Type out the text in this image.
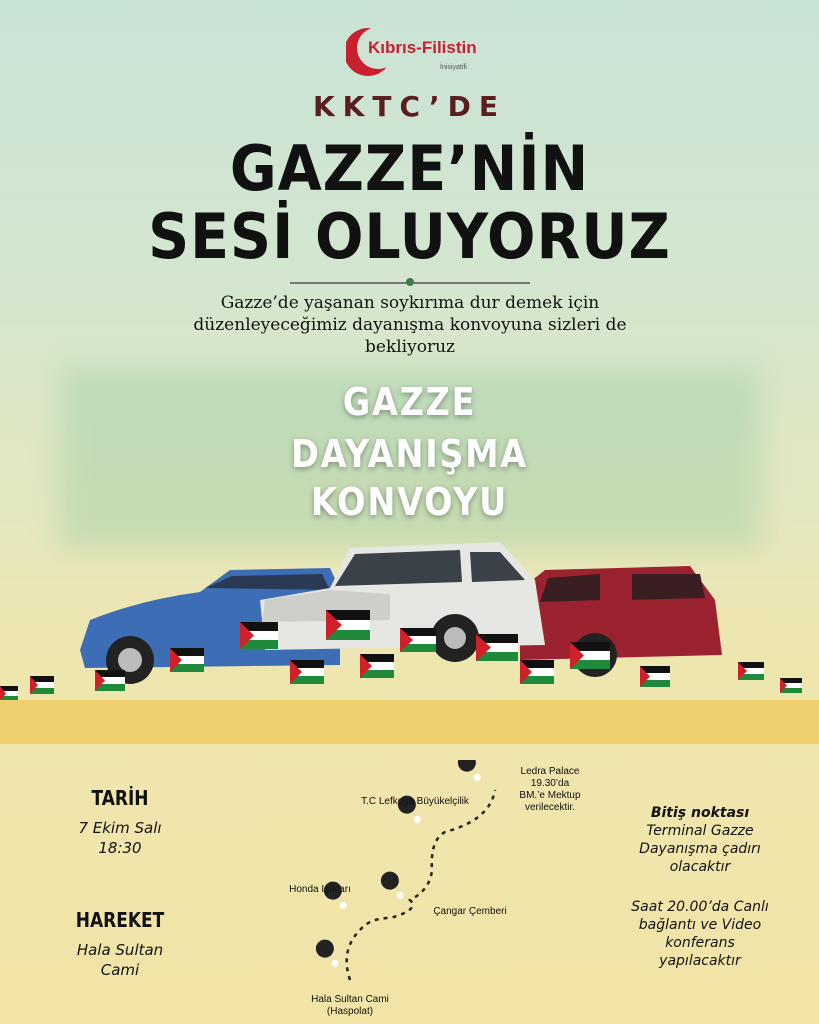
Kıbrıs-Filistin
İnisiyatifi
KKTC’DE
GAZZE’NİN
SESİ OLUYORUZ
Gazze’de yaşanan soykırıma dur demek için düzenleyeceğimiz dayanışma konvoyuna sizleri de bekliyoruz
GAZZE
DAYANIŞMA
KONVOYU
TARİH
7 Ekim Salı
18:30
HAREKET
Hala Sultan
Cami
Ledra Palace
19.30’da
BM.’e Mektup
verilecektir.
T.C Lefkoşa Büyükelçilik
Honda Işıkları
Çangar Çemberi
Hala Sultan Cami
(Haspolat)
Bitiş noktası
Terminal Gazze
Dayanışma çadırı
olacaktır
Saat 20.00’da Canlı
bağlantı ve Video
konferans
yapılacaktır
